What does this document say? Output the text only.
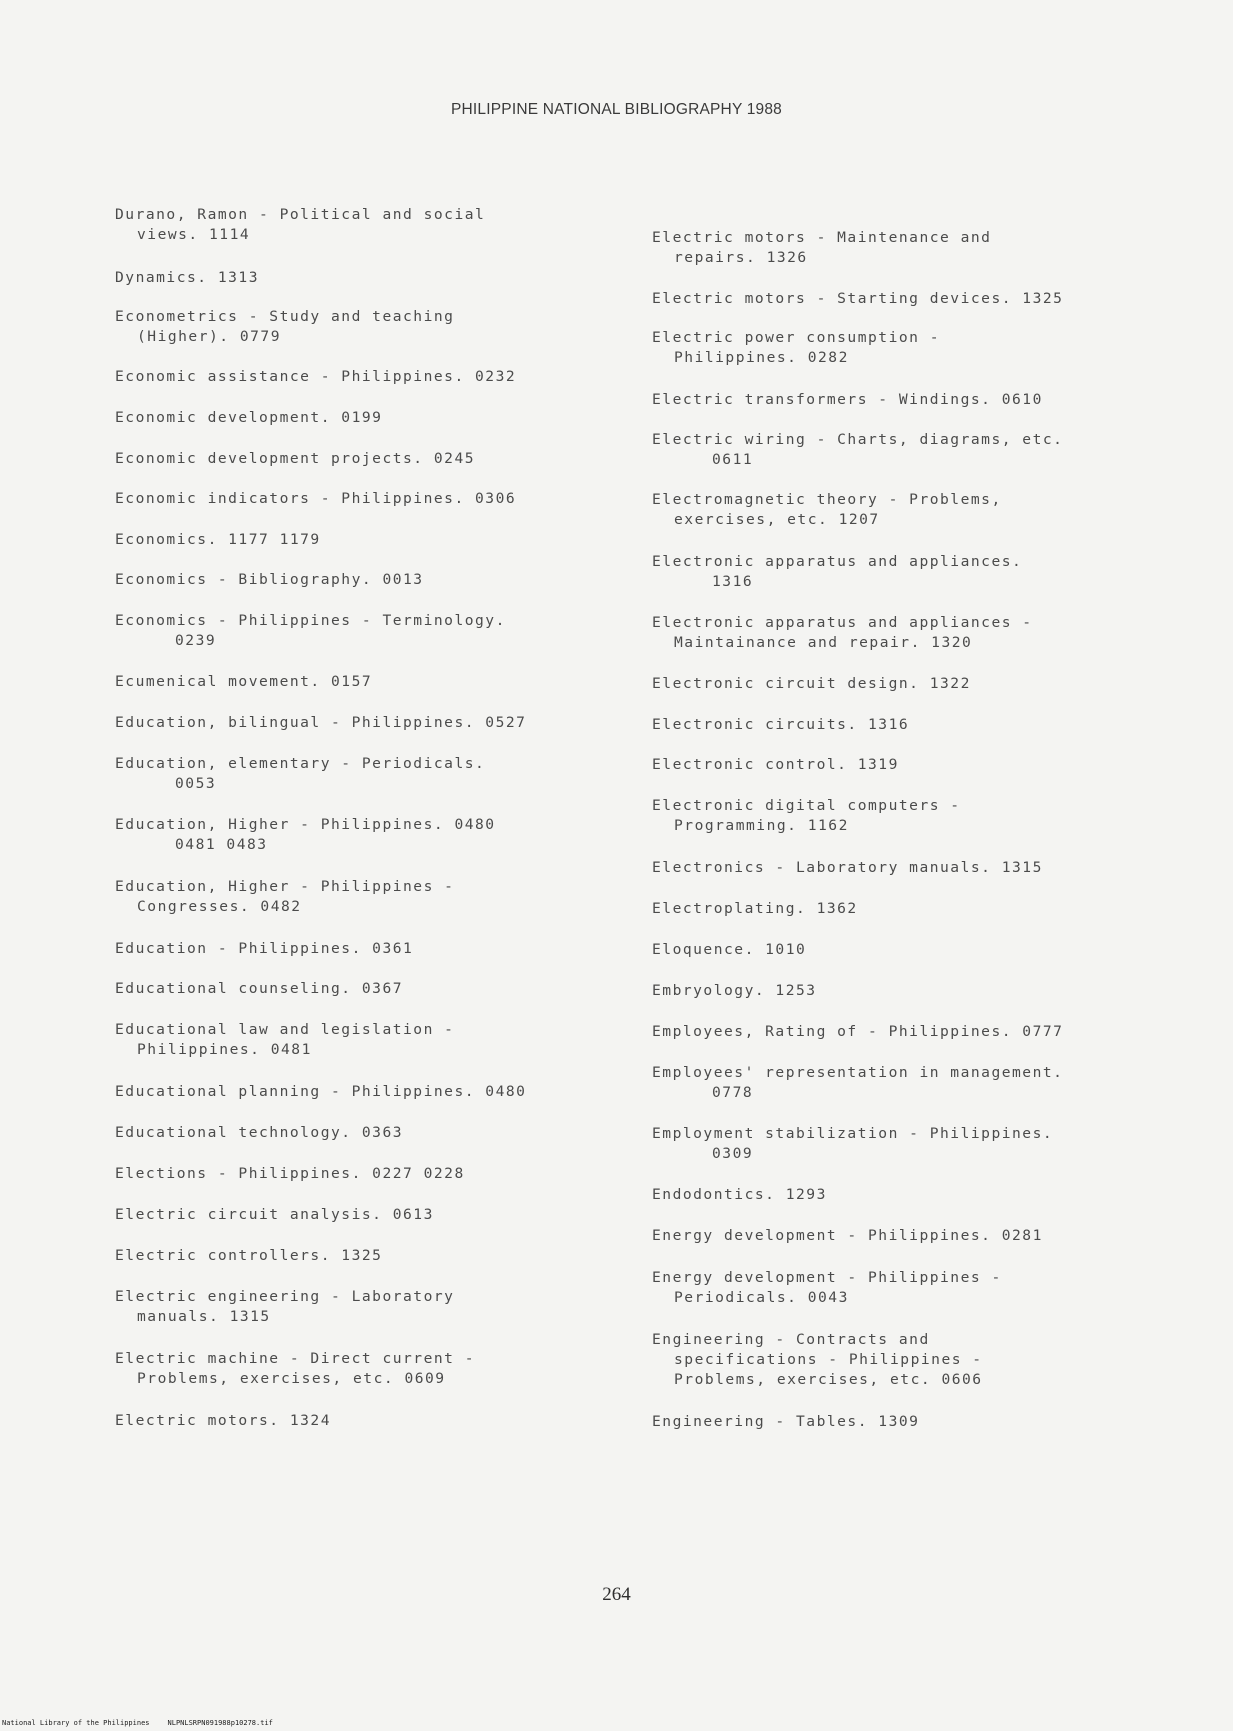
PHILIPPINE NATIONAL BIBLIOGRAPHY 1988
Durano, Ramon - Political and social
views. 1114
Dynamics. 1313
Econometrics - Study and teaching
(Higher). 0779
Economic assistance - Philippines. 0232
Economic development. 0199
Economic development projects. 0245
Economic indicators - Philippines. 0306
Economics. 1177 1179
Economics - Bibliography. 0013
Economics - Philippines - Terminology.
0239
Ecumenical movement. 0157
Education, bilingual - Philippines. 0527
Education, elementary - Periodicals.
0053
Education, Higher - Philippines. 0480
0481 0483
Education, Higher - Philippines -
Congresses. 0482
Education - Philippines. 0361
Educational counseling. 0367
Educational law and legislation -
Philippines. 0481
Educational planning - Philippines. 0480
Educational technology. 0363
Elections - Philippines. 0227 0228
Electric circuit analysis. 0613
Electric controllers. 1325
Electric engineering - Laboratory
manuals. 1315
Electric machine - Direct current -
Problems, exercises, etc. 0609
Electric motors. 1324
Electric motors - Maintenance and
repairs. 1326
Electric motors - Starting devices. 1325
Electric power consumption -
Philippines. 0282
Electric transformers - Windings. 0610
Electric wiring - Charts, diagrams, etc.
0611
Electromagnetic theory - Problems,
exercises, etc. 1207
Electronic apparatus and appliances.
1316
Electronic apparatus and appliances -
Maintainance and repair. 1320
Electronic circuit design. 1322
Electronic circuits. 1316
Electronic control. 1319
Electronic digital computers -
Programming. 1162
Electronics - Laboratory manuals. 1315
Electroplating. 1362
Eloquence. 1010
Embryology. 1253
Employees, Rating of - Philippines. 0777
Employees' representation in management.
0778
Employment stabilization - Philippines.
0309
Endodontics. 1293
Energy development - Philippines. 0281
Energy development - Philippines -
Periodicals. 0043
Engineering - Contracts and
specifications - Philippines -
Problems, exercises, etc. 0606
Engineering - Tables. 1309
264
National Library of the Philippines	NLPNLSRPN091988p10278.tif
